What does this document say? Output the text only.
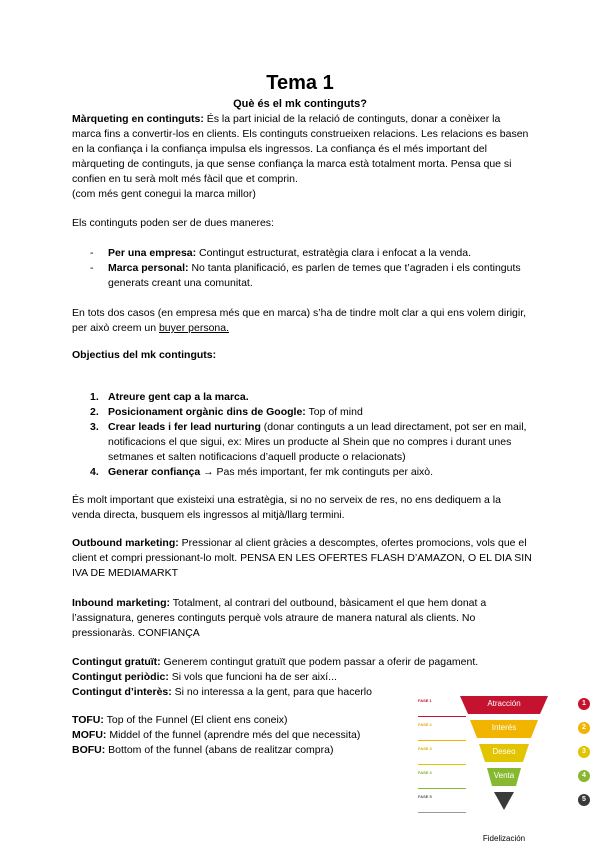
Tema 1
Què és el mk continguts?

Màrqueting en continguts: És la part inicial de la relació de continguts, donar a conèixer la marca fins a convertir-los en clients. Els continguts construeixen relacions. Les relacions es basen en la confiança i la confiança impulsa els ingressos. La confiança és el més important del màrqueting de continguts, ja que sense confiança la marca està totalment morta. Pensa que si confien en tu serà molt més fàcil que et comprin.
(com més gent conegui la marca millor)

Els continguts poden ser de dues maneres:

- Per una empresa: Contingut estructurat, estratègia clara i enfocat a la venda.
- Marca personal: No tanta planificació, es parlen de temes que t’agraden i els continguts generats creant una comunitat.

En tots dos casos (en empresa més que en marca) s’ha de tindre molt clar a qui ens volem dirigir, per això creem un buyer persona.

Objectius del mk continguts:

1. Atreure gent cap a la marca.
2. Posicionament orgànic dins de Google: Top of mind
3. Crear leads i fer lead nurturing (donar continguts a un lead directament, pot ser en mail, notificacions el que sigui, ex: Mires un producte al Shein que no compres i durant unes setmanes et salten notificacions d’aquell producte o relacionats)
4. Generar confiança → Pas més important, fer mk continguts per això.

És molt important que existeixi una estratègia, si no no serveix de res, no ens dediquem a la venda directa, busquem els ingressos al mitjà/llarg termini.

Outbound marketing: Pressionar al client gràcies a descomptes, ofertes promocions, vols que el client et compri pressionant-lo molt. PENSA EN LES OFERTES FLASH D’AMAZON, O EL DIA SIN IVA DE MEDIAMARKT

Inbound marketing: Totalment, al contrari del outbound, bàsicament el que hem donat a l’assignatura, generes continguts perquè vols atraure de manera natural als clients. No pressionaràs. CONFIANÇA

Contingut gratuït: Generem contingut gratuït que podem passar a oferir de pagament.
Contingut periòdic: Si vols que funcioni ha de ser així...
Contingut d’interès: Si no interessa a la gent, para que hacerlo

TOFU: Top of the Funnel (El client ens coneix)
MOFU: Middel of the funnel (aprendre més del que necessita)
BOFU: Bottom of the funnel (abans de realitzar compra)

Atracción
Interés
Deseo
Venta
Fidelización
FASE 1
FASE 2
FASE 3
FASE 4
FASE 5
1
2
3
4
5
